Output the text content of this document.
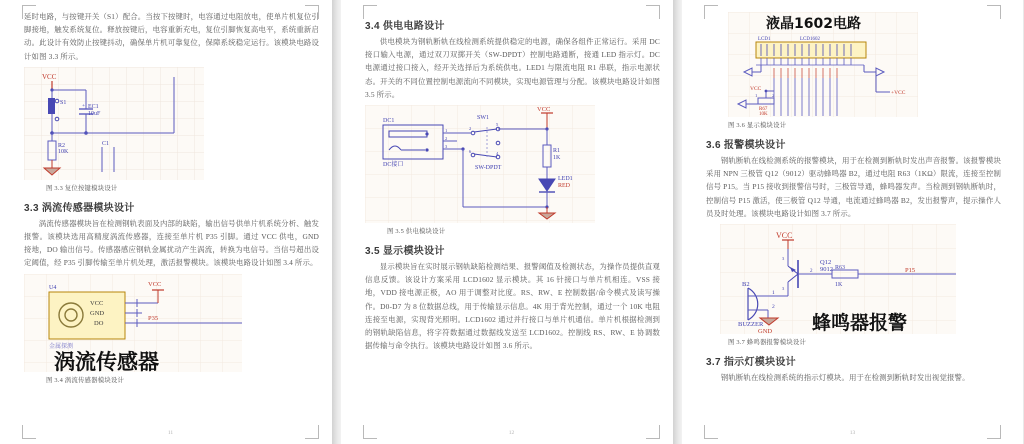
延时电路，与按键开关（S1）配合。当按下按键时，电容通过电阻放电，使单片机复位引脚接地，触发系统复位。释放按键后，电容重新充电，复位引脚恢复高电平，系统重新启动。此设计有效防止按键抖动，确保单片机可靠复位，保障系统稳定运行。该模块电路设计如图 3.3 所示。

VCC
S1	+ EC1
10uF
R2
10K
C1
图 3.3 复位按键模块设计
3.3 涡流传感器模块设计

涡流传感器模块旨在检测钢轨表面及内部的缺陷，输出信号供单片机系统分析、触发报警。该模块选用高精度涡流传感器，连接至单片机 P35 引脚。通过 VCC 供电，GND 接地，DO 输出信号。传感器感应钢轨金属扰动产生涡流，转换为电信号。当信号超出设定阈值，经 P35 引脚传输至单片机处理，激活报警模块。该模块电路设计如图 3.4 所示。

U4
VCC
GND
DO
金属探测
VCC
P35
涡流传感器
图 3.4 涡流传感器模块设计
11
3.4 供电电路设计

供电模块为钢轨断轨在线检测系统提供稳定的电源，确保各组件正常运行。采用 DC 接口输入电源，通过双刀双掷开关（SW-DPDT）控制电路通断，接通 LED 指示灯。DC 电源通过接口接入，经开关选择后为系统供电。LED1 与限流电阻 R1 串联，指示电源状态。开关的不同位置控制电源流向不同模块，实现电源管理与分配。该模块电路设计如图 3.5 所示。

DC1
DC接口
1
2
3
SW1
5
2
6	4
SW-DPDT
VCC
R1
1K
LED1
RED
图 3.5 供电模块设计
3.5 显示模块设计

显示模块旨在实时展示钢轨缺陷检测结果、报警阈值及检测状态，为操作员提供直观信息反馈。该设计方案采用 LCD1602 显示模块。其 16 针接口与单片机相连。VSS 接地，VDD 接电源正极，AO 用于调整对比度。RS、RW、E 控制数据/命令模式及读写操作。D0-D7 为 8 位数据总线，用于传输显示信息。4K 用于背光控制，通过一个 10K 电阻连接至电源，实现背光照明。LCD1602 通过并行接口与单片机通信。单片机根据检测到的钢轨缺陷信息，将字符数据通过数据线发送至 LCD1602。控制线 RS、RW、E 协调数据传输与命令执行。该模块电路设计如图 3.6 所示。

12
液晶1602电路
LCD1	LCD1602
+VCC
VCC
R67
10K
1	2
图 3.6 显示模块设计
3.6 报警模块设计

钢轨断轨在线检测系统的报警模块，用于在检测到断轨时发出声音报警。该报警模块采用 NPN 三极管 Q12（9012）驱动蜂鸣器 B2，通过电阻 R63（1KΩ）限流，连接至控制信号 P15。当 P15 接收到报警信号时，三极管导通，蜂鸣器发声。当检测到钢轨断轨时，控制信号 P15 激活，使三极管 Q12 导通，电流通过蜂鸣器 B2，发出报警声，提示操作人员及时处理。该模块电路设计如图 3.7 所示。

VCC
3
2
Q12
9012 R63
1K
P15
3
1
B2
2
BUZZER
GND 蜂鸣器报警
图 3.7 蜂鸣器报警模块设计
3.7 指示灯模块设计

钢轨断轨在线检测系统的指示灯模块。用于在检测到断轨时发出视觉报警。

13
